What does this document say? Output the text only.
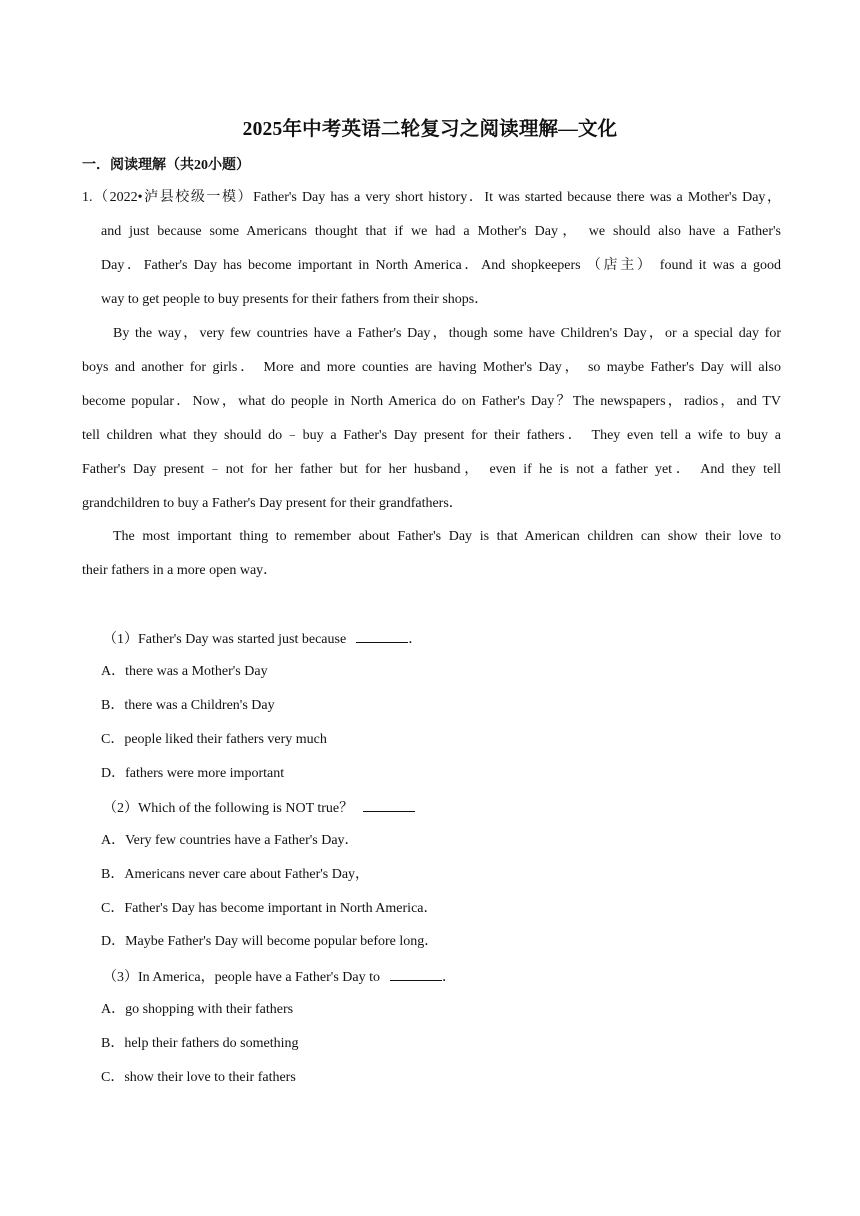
2025年中考英语二轮复习之阅读理解—文化
一．阅读理解（共20小题）
1.（2022•泸县校级一模）Father's Day has a very short history．It was started because there was a Mother's Day，
and just because some Americans thought that if we had a Mother's Day， we should also have a Father's
Day．Father's Day has become important in North America．And shopkeepers （店主） found it was a good
way to get people to buy presents for their fathers from their shops．
By the way，very few countries have a Father's Day，though some have Children's Day，or a special day for
boys and another for girls． More and more counties are having Mother's Day， so maybe Father's Day will also
become popular．Now，what do people in North America do on Father's Day？The newspapers，radios，and TV
tell children what they should do﹣buy a Father's Day present for their fathers． They even tell a wife to buy a
Father's Day present﹣not for her father but for her husband， even if he is not a father yet． And they tell
grandchildren to buy a Father's Day present for their grandfathers．
The most important thing to remember about Father's Day is that American children can show their love to
their fathers in a more open way．
（1）Father's Day was started just because	．
A．there was a Mother's Day
B．there was a Children's Day
C．people liked their fathers very much
D．fathers were more important
（2）Which of the following is NOT true？
A．Very few countries have a Father's Day．
B．Americans never care about Father's Day，
C．Father's Day has become important in North America．
D．Maybe Father's Day will become popular before long．
（3）In America，people have a Father's Day to	．
A．go shopping with their fathers
B．help their fathers do something
C．show their love to their fathers
